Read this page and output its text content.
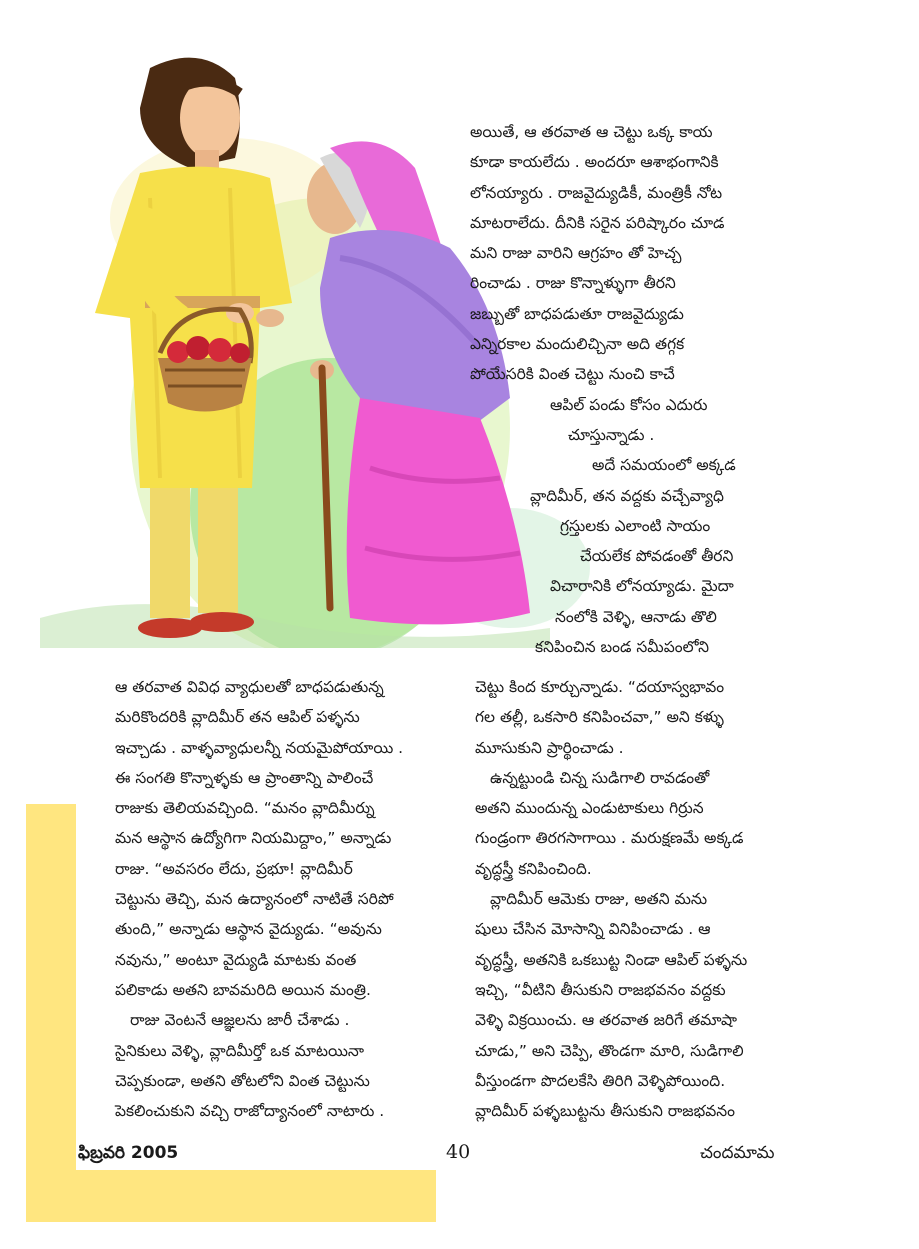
అయితే, ఆ తరవాత ఆ చెట్టు ఒక్క కాయ

కూడా కాయలేదు . అందరూ ఆశాభంగానికి

లోనయ్యారు . రాజవైద్యుడికీ, మంత్రికీ నోట

మాటరాలేదు. దీనికి సరైన పరిష్కారం చూడ

మని రాజు వారిని ఆగ్రహం తో హెచ్చ

రించాడు . రాజు కొన్నాళ్ళుగా తీరని

జబ్బుతో బాధపడుతూ రాజవైద్యుడు

ఎన్నిరకాల మందులిచ్చినా అది తగ్గక

పోయేసరికి వింత చెట్టు నుంచి కాచే

ఆపిల్ పండు కోసం ఎదురు

చూస్తున్నాడు .

అదే సమయంలో అక్కడ

వ్లాదిమీర్, తన వద్దకు వచ్చేవ్యాధి

గ్రస్తులకు ఎలాంటి సాయం

చేయలేక పోవడంతో తీరని

విచారానికి లోనయ్యాడు. మైదా

నంలోకి వెళ్ళి, ఆనాడు తొలి

కనిపించిన బండ సమీపంలోని

ఆ తరవాత వివిధ వ్యాధులతో బాధపడుతున్న

మరికొందరికి వ్లాదిమీర్ తన ఆపిల్ పళ్ళను

ఇచ్చాడు . వాళ్ళవ్యాధులన్నీ నయమైపోయాయి .

ఈ సంగతి కొన్నాళ్ళకు ఆ ప్రాంతాన్ని పాలించే

రాజుకు తెలియవచ్చింది. “మనం వ్లాదిమీర్ను

మన ఆస్థాన ఉద్యోగిగా నియమిద్దాం,” అన్నాడు

రాజు. “అవసరం లేదు, ప్రభూ! వ్లాదిమీర్

చెట్టును తెచ్చి, మన ఉద్యానంలో నాటితే సరిపో

తుంది,” అన్నాడు ఆస్థాన వైద్యుడు. “అవును

నవును,” అంటూ వైద్యుడి మాటకు వంత

పలికాడు అతని బావమరిది అయిన మంత్రి.

రాజు వెంటనే ఆజ్ఞలను జారీ చేశాడు .

సైనికులు వెళ్ళి, వ్లాదిమీర్తో ఒక మాటయినా

చెప్పకుండా, అతని తోటలోని వింత చెట్టును

పెకలించుకుని వచ్చి రాజోద్యానంలో నాటారు .

చెట్టు కింద కూర్చున్నాడు. “దయాస్వభావం

గల తల్లీ, ఒకసారి కనిపించవా,” అని కళ్ళు

మూసుకుని ప్రార్థించాడు .

ఉన్నట్టుండి చిన్న సుడిగాలి రావడంతో

అతని ముందున్న ఎండుటాకులు గిర్రున

గుండ్రంగా తిరగసాగాయి . మరుక్షణమే అక్కడ

వృద్ధస్త్రీ కనిపించింది.

వ్లాదిమీర్ ఆమెకు రాజు, అతని మను

షులు చేసిన మోసాన్ని వినిపించాడు . ఆ

వృద్ధస్త్రీ, అతనికి ఒకబుట్ట నిండా ఆపిల్ పళ్ళను

ఇచ్చి, “వీటిని తీసుకుని రాజభవనం వద్దకు

వెళ్ళి విక్రయించు. ఆ తరవాత జరిగే తమాషా

చూడు,” అని చెప్పి, తొండగా మారి, సుడిగాలి

వీస్తుండగా పొదలకేసి తిరిగి వెళ్ళిపోయింది.

వ్లాదిమీర్ పళ్ళబుట్టను తీసుకుని రాజభవనం

ఫిబ్రవరి 2005	40	చందమామ
